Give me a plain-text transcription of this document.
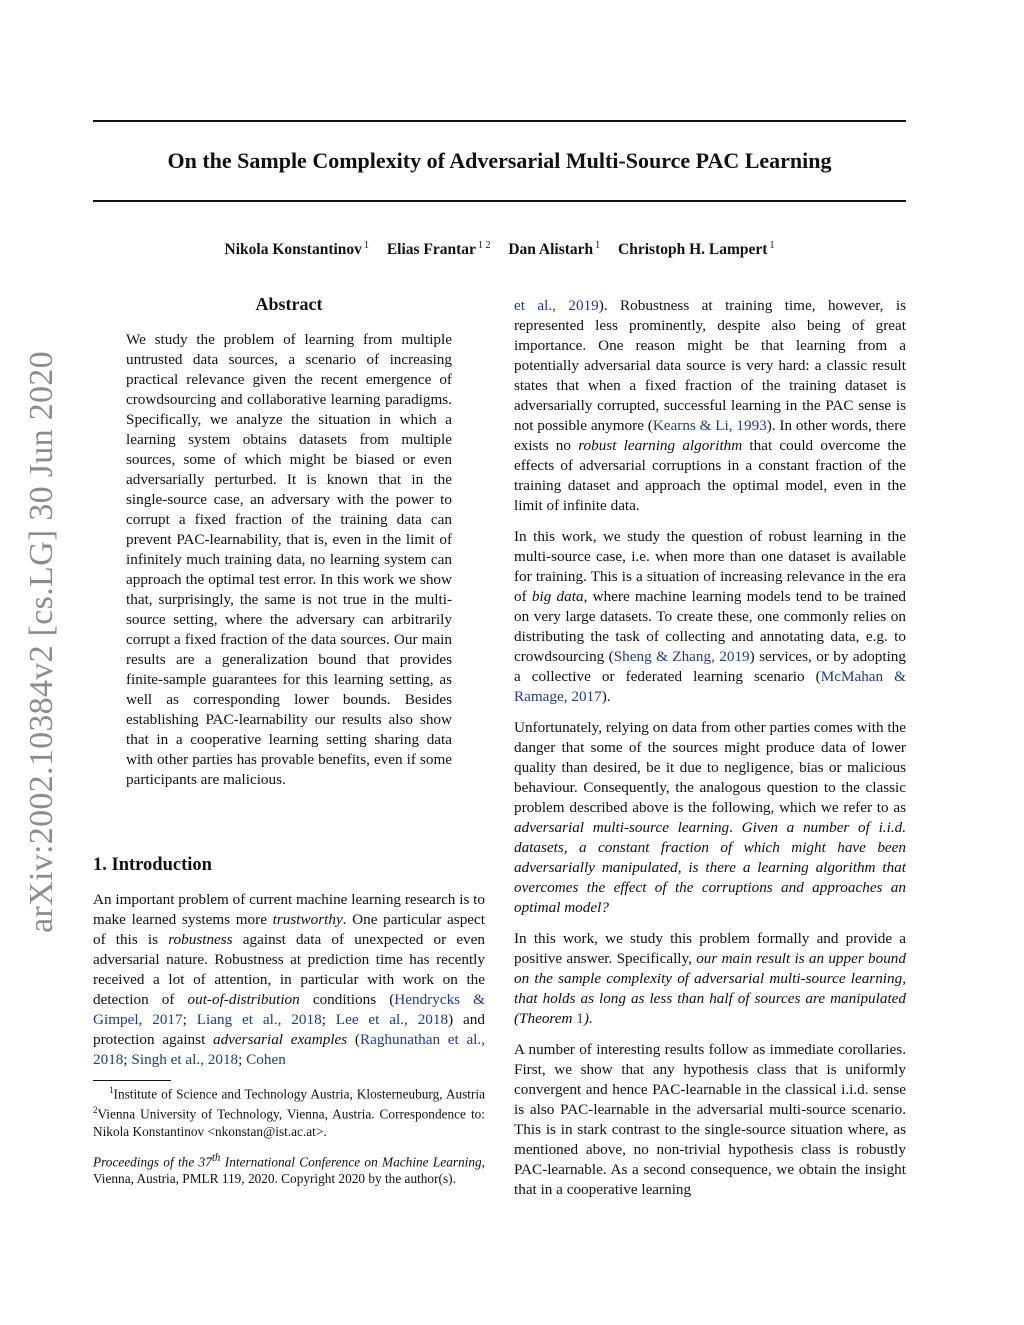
arXiv:2002.10384v2 [cs.LG] 30 Jun 2020
On the Sample Complexity of Adversarial Multi-Source PAC Learning
Nikola Konstantinov $^1$ Elias Frantar $^{1 2}$ Dan Alistarh $^1$ Christoph H. Lampert $^1$
Abstract

We study the problem of learning from multiple untrusted data sources, a scenario of increasing practical relevance given the recent emergence of crowdsourcing and collaborative learning paradigms. Specifically, we analyze the situation in which a learning system obtains datasets from multiple sources, some of which might be biased or even adversarially perturbed. It is known that in the single-source case, an adversary with the power to corrupt a fixed fraction of the training data can prevent PAC-learnability, that is, even in the limit of infinitely much training data, no learning system can approach the optimal test error. In this work we show that, surprisingly, the same is not true in the multi-source setting, where the adversary can arbitrarily corrupt a fixed fraction of the data sources. Our main results are a generalization bound that provides finite-sample guarantees for this learning setting, as well as corresponding lower bounds. Besides establishing PAC-learnability our results also show that in a cooperative learning setting sharing data with other parties has provable benefits, even if some participants are malicious.

1. Introduction

An important problem of current machine learning research is to make learned systems more trustworthy. One particular aspect of this is robustness against data of unexpected or even adversarial nature. Robustness at prediction time has recently received a lot of attention, in particular with work on the detection of out-of-distribution conditions (Hendrycks & Gimpel, 2017; Liang et al., 2018; Lee et al., 2018) and protection against adversarial examples (Raghunathan et al., 2018; Singh et al., 2018; Cohen

$^1$Institute of Science and Technology Austria, Klosterneuburg, Austria $^2$Vienna University of Technology, Vienna, Austria. Correspondence to: Nikola Konstantinov <nkonstan@ist.ac.at>.

Proceedings of the 37th International Conference on Machine Learning, Vienna, Austria, PMLR 119, 2020. Copyright 2020 by the author(s).

et al., 2019). Robustness at training time, however, is represented less prominently, despite also being of great importance. One reason might be that learning from a potentially adversarial data source is very hard: a classic result states that when a fixed fraction of the training dataset is adversarially corrupted, successful learning in the PAC sense is not possible anymore (Kearns & Li, 1993). In other words, there exists no robust learning algorithm that could overcome the effects of adversarial corruptions in a constant fraction of the training dataset and approach the optimal model, even in the limit of infinite data.

In this work, we study the question of robust learning in the multi-source case, i.e. when more than one dataset is available for training. This is a situation of increasing relevance in the era of big data, where machine learning models tend to be trained on very large datasets. To create these, one commonly relies on distributing the task of collecting and annotating data, e.g. to crowdsourcing (Sheng & Zhang, 2019) services, or by adopting a collective or federated learning scenario (McMahan & Ramage, 2017).

Unfortunately, relying on data from other parties comes with the danger that some of the sources might produce data of lower quality than desired, be it due to negligence, bias or malicious behaviour. Consequently, the analogous question to the classic problem described above is the following, which we refer to as adversarial multi-source learning. Given a number of i.i.d. datasets, a constant fraction of which might have been adversarially manipulated, is there a learning algorithm that overcomes the effect of the corruptions and approaches an optimal model?

In this work, we study this problem formally and provide a positive answer. Specifically, our main result is an upper bound on the sample complexity of adversarial multi-source learning, that holds as long as less than half of sources are manipulated (Theorem 1).

A number of interesting results follow as immediate corollaries. First, we show that any hypothesis class that is uniformly convergent and hence PAC-learnable in the classical i.i.d. sense is also PAC-learnable in the adversarial multi-source scenario. This is in stark contrast to the single-source situation where, as mentioned above, no non-trivial hypothesis class is robustly PAC-learnable. As a second consequence, we obtain the insight that in a cooperative learning
